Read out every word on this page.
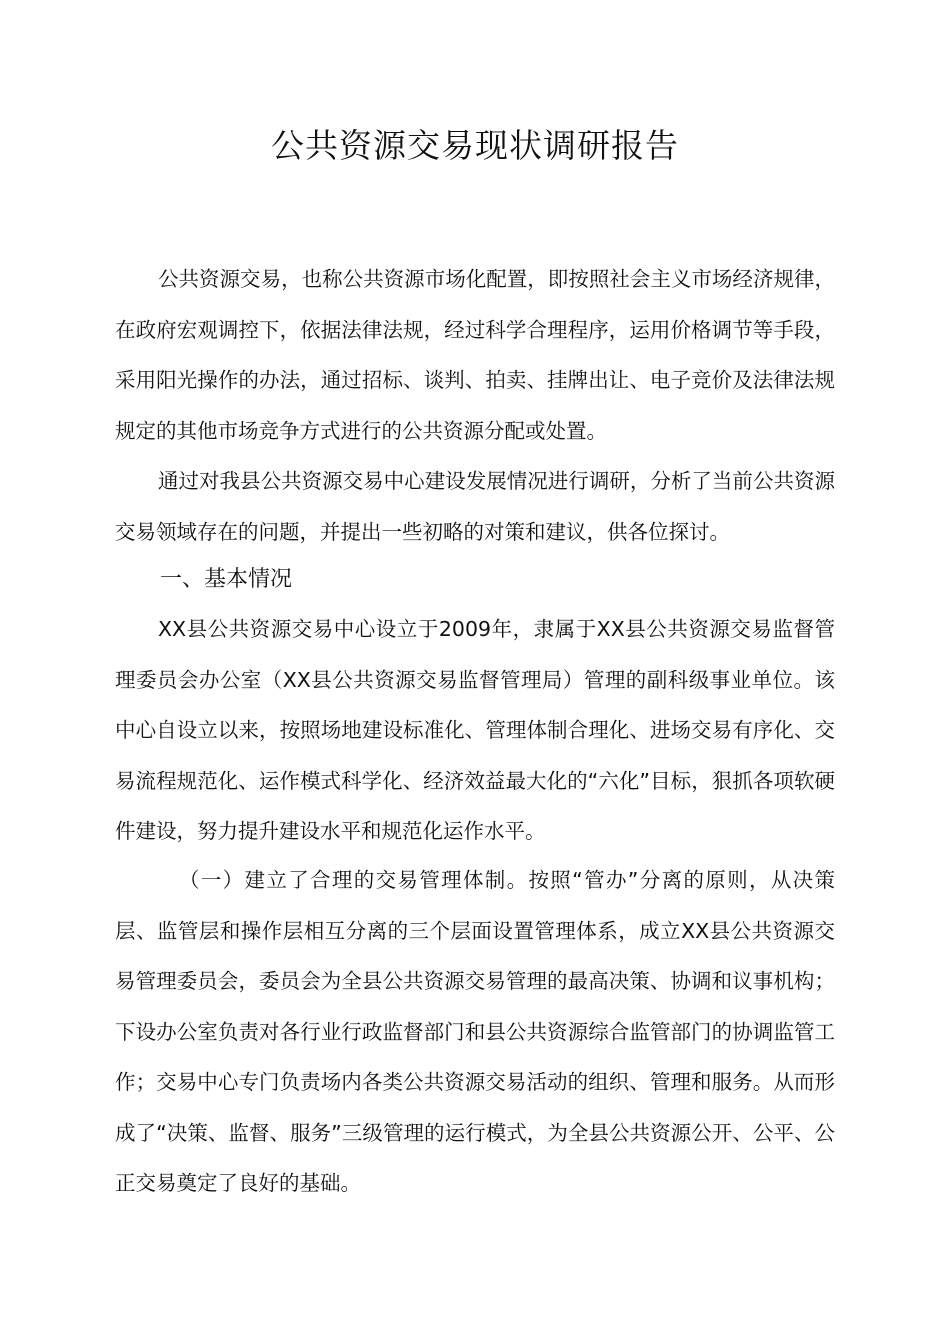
公共资源交易现状调研报告

公共资源交易，也称公共资源市场化配置，即按照社会主义市场经济规律，在政府宏观调控下，依据法律法规，经过科学合理程序，运用价格调节等手段，采用阳光操作的办法，通过招标、谈判、拍卖、挂牌出让、电子竞价及法律法规规定的其他市场竞争方式进行的公共资源分配或处置。

通过对我县公共资源交易中心建设发展情况进行调研，分析了当前公共资源交易领域存在的问题，并提出一些初略的对策和建议，供各位探讨。

一、基本情况

XX县公共资源交易中心设立于2009年，隶属于XX县公共资源交易监督管理委员会办公室（XX县公共资源交易监督管理局）管理的副科级事业单位。该中心自设立以来，按照场地建设标准化、管理体制合理化、进场交易有序化、交易流程规范化、运作模式科学化、经济效益最大化的“六化”目标，狠抓各项软硬件建设，努力提升建设水平和规范化运作水平。

（一）建立了合理的交易管理体制。按照“管办”分离的原则，从决策层、监管层和操作层相互分离的三个层面设置管理体系，成立XX县公共资源交易管理委员会，委员会为全县公共资源交易管理的最高决策、协调和议事机构；下设办公室负责对各行业行政监督部门和县公共资源综合监管部门的协调监管工作；交易中心专门负责场内各类公共资源交易活动的组织、管理和服务。从而形成了“决策、监督、服务”三级管理的运行模式，为全县公共资源公开、公平、公正交易奠定了良好的基础。
